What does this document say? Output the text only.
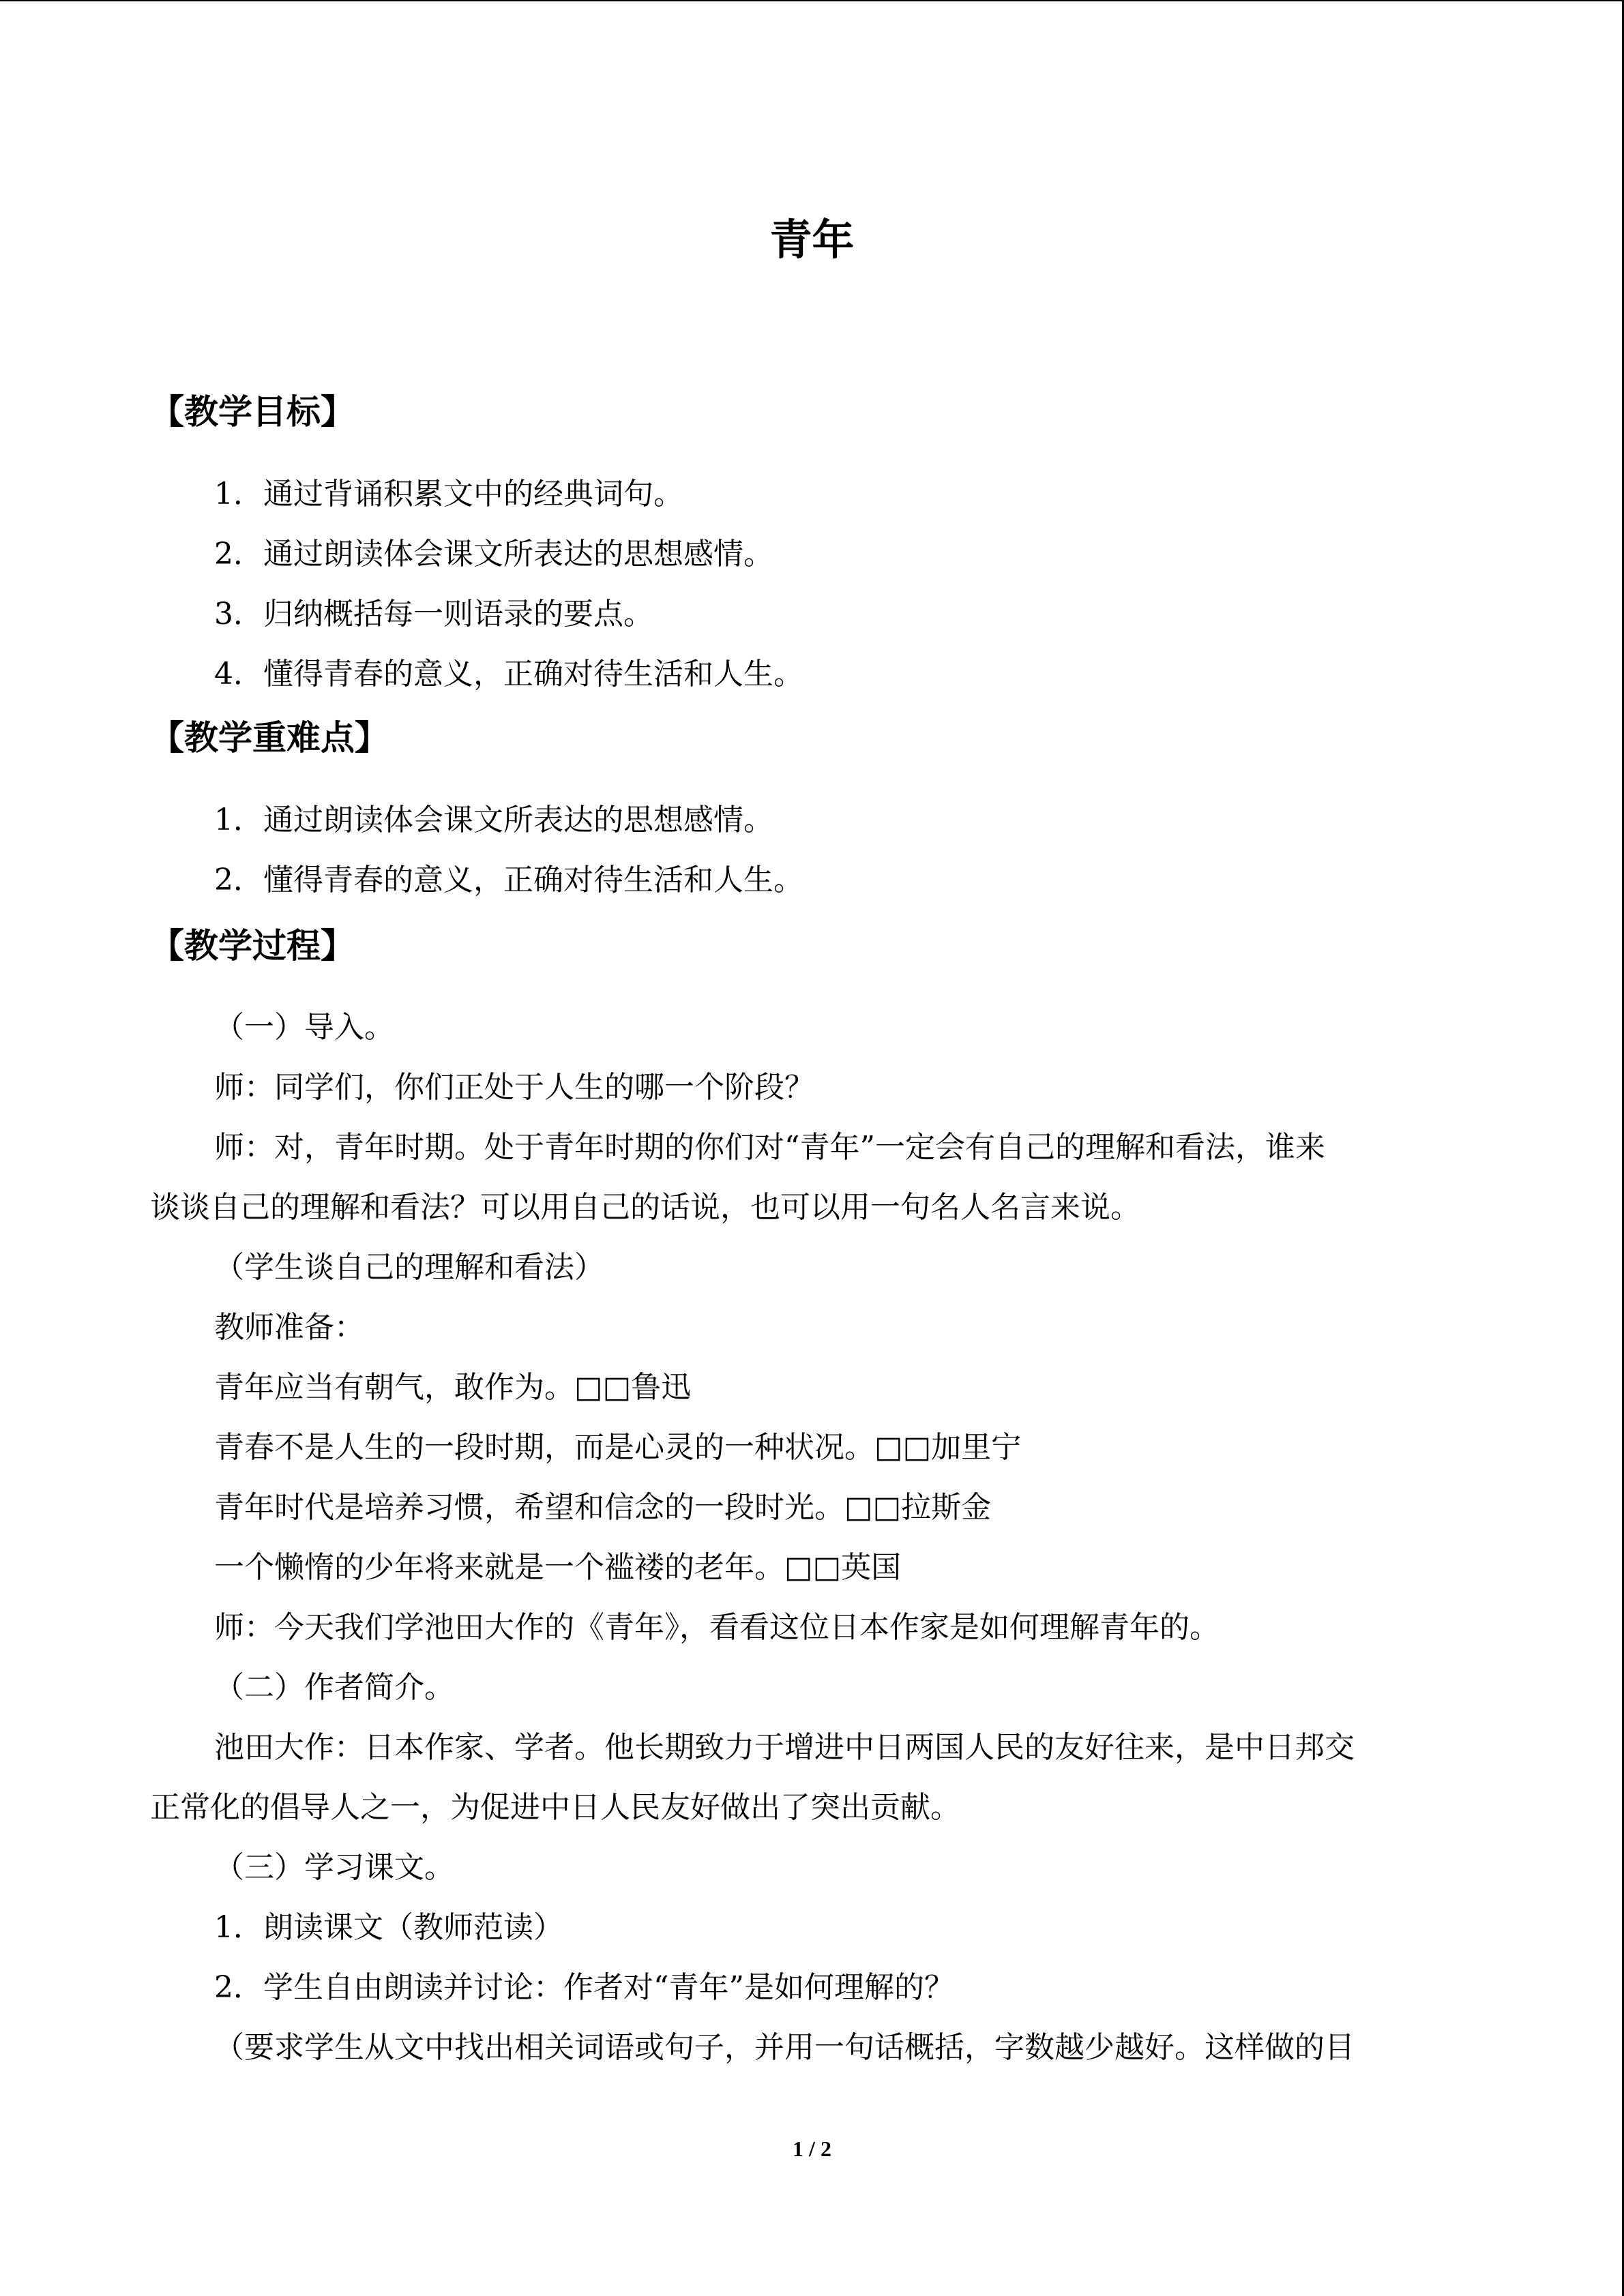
青年
【教学目标】
1．通过背诵积累文中的经典词句。
2．通过朗读体会课文所表达的思想感情。
3．归纳概括每一则语录的要点。
4．懂得青春的意义，正确对待生活和人生。
【教学重难点】
1．通过朗读体会课文所表达的思想感情。
2．懂得青春的意义，正确对待生活和人生。
【教学过程】
（一）导入。
师：同学们，你们正处于人生的哪一个阶段？
师：对，青年时期。处于青年时期的你们对“青年”一定会有自己的理解和看法，谁来
谈谈自己的理解和看法？可以用自己的话说，也可以用一句名人名言来说。
（学生谈自己的理解和看法）
教师准备：
青年应当有朝气，敢作为。□□鲁迅
青春不是人生的一段时期，而是心灵的一种状况。□□加里宁
青年时代是培养习惯，希望和信念的一段时光。□□拉斯金
一个懒惰的少年将来就是一个褴褛的老年。□□英国
师：今天我们学池田大作的《青年》，看看这位日本作家是如何理解青年的。
（二）作者简介。
池田大作：日本作家、学者。他长期致力于增进中日两国人民的友好往来，是中日邦交
正常化的倡导人之一，为促进中日人民友好做出了突出贡献。
（三）学习课文。
1．朗读课文（教师范读）
2．学生自由朗读并讨论：作者对“青年”是如何理解的？
（要求学生从文中找出相关词语或句子，并用一句话概括，字数越少越好。这样做的目
1 / 2
